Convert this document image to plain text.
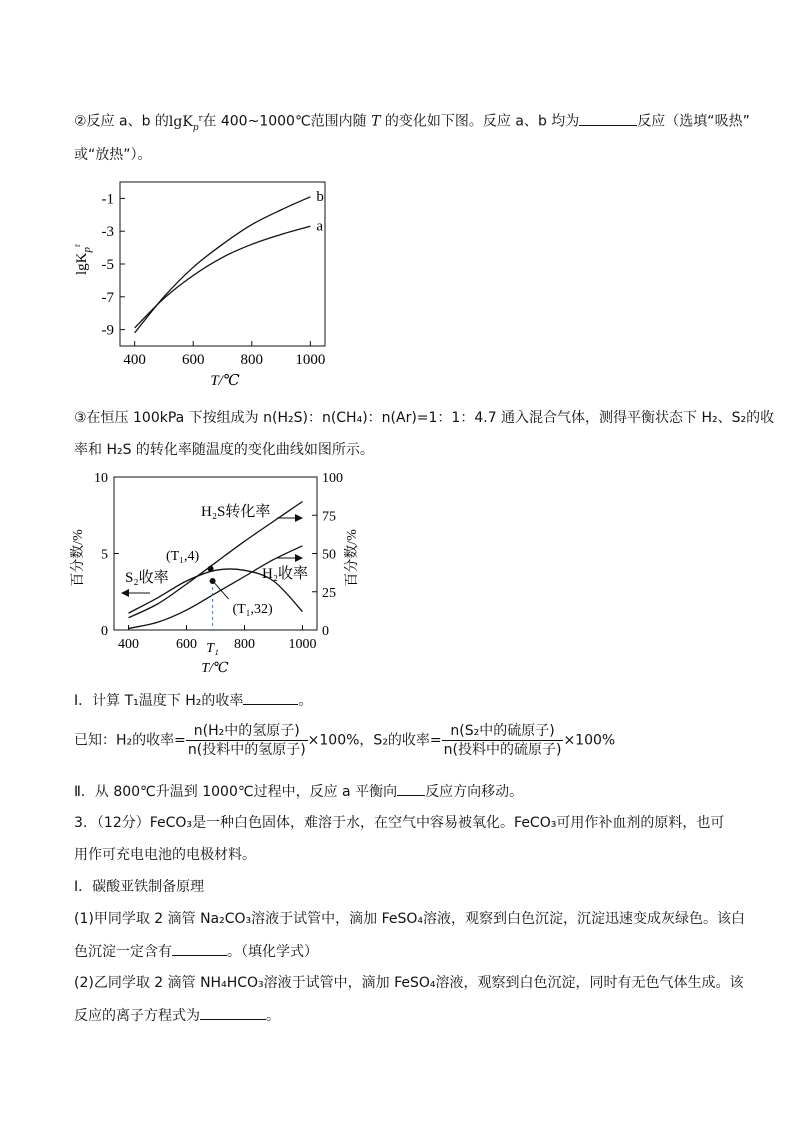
②反应 a、b 的lgK$_p^r$在 400~1000℃范围内随 T 的变化如下图。反应 a、b 均为	反应（选填“吸热”
或“放热”）。
-1
-3
-5
-7
-9
400 600 800 1000
a
b
lgK$_p^r$
T/℃
③在恒压 100kPa 下按组成为 n(H₂S)：n(CH₄)：n(Ar)=1：1：4.7 通入混合气体，测得平衡状态下 H₂、S₂的收
率和 H₂S 的转化率随温度的变化曲线如图所示。
0
5
10
0
25
50
75
100
400	600	800 1000
T₁
H₂S转化率
S₂收率	H₂收率
(T₁,4)
(T₁,32)
百分数/%	百分数/%
T/℃
Ⅰ．计算 T₁温度下 H₂的收率	。
已知：H₂的收率= $\frac{\text{n(H₂中的氢原子)}}{\text{n(投料中的氢原子)}} \times 100\%$，S₂的收率= $\frac{\text{n(S₂中的硫原子)}}{\text{n(投料中的硫原子)}} \times 100\%$
Ⅱ．从 800℃升温到 1000℃过程中，反应 a 平衡向 反应方向移动。
3．（12分）FeCO₃是一种白色固体，难溶于水，在空气中容易被氧化。FeCO₃可用作补血剂的原料，也可
用作可充电电池的电极材料。
I．碳酸亚铁制备原理
(1)甲同学取 2 滴管 Na₂CO₃溶液于试管中，滴加 FeSO₄溶液，观察到白色沉淀，沉淀迅速变成灰绿色。该白
色沉淀一定含有	。（填化学式）
(2)乙同学取 2 滴管 NH₄HCO₃溶液于试管中，滴加 FeSO₄溶液，观察到白色沉淀，同时有无色气体生成。该
反应的离子方程式为	。
